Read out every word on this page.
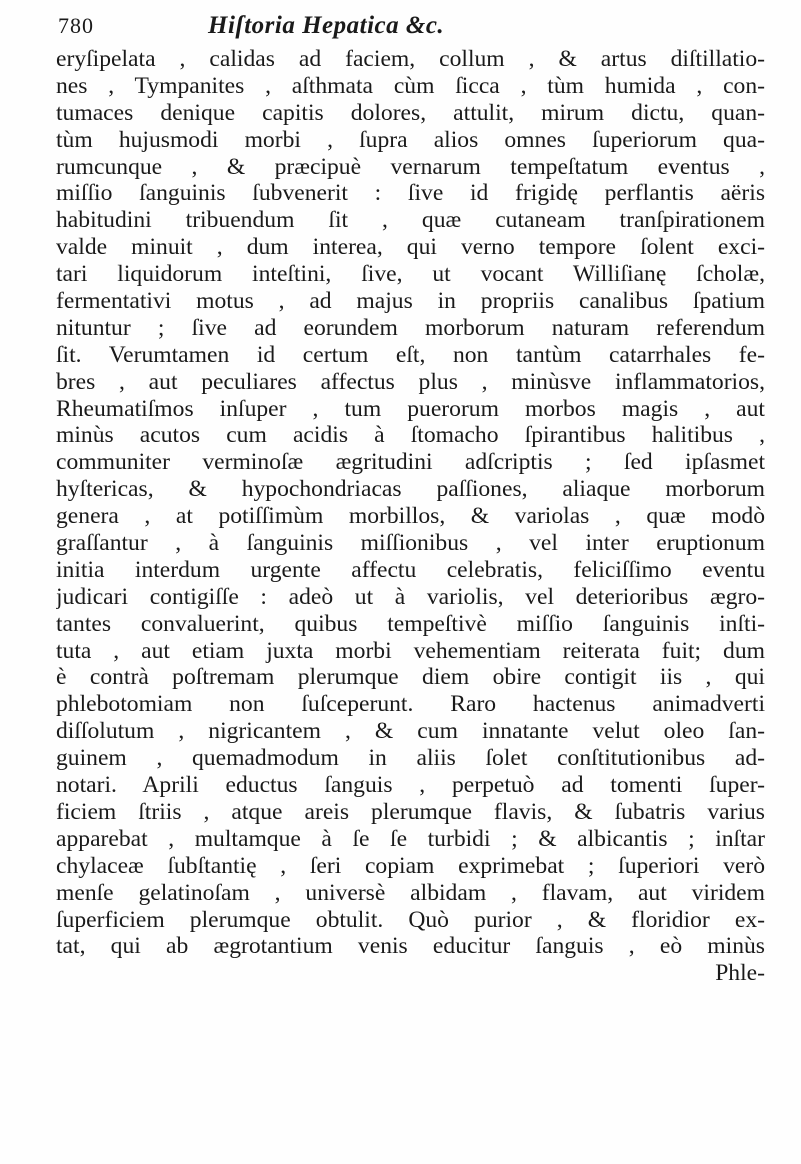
780	Hiſtoria Hepatica &c.
eryſipelata , calidas ad faciem, collum , & artus diſtillatio-
nes , Tympanites , aſthmata cùm ſicca , tùm humida , con-
tumaces denique capitis dolores, attulit, mirum dictu, quan-
tùm hujusmodi morbi , ſupra alios omnes ſuperiorum qua-
rumcunque , & præcipuè vernarum tempeſtatum eventus ,
miſſio ſanguinis ſubvenerit : ſive id frigidę perflantis aëris
habitudini tribuendum ſit , quæ cutaneam tranſpirationem
valde minuit , dum interea, qui verno tempore ſolent exci-
tari liquidorum inteſtini, ſive, ut vocant Williſianę ſcholæ,
fermentativi motus , ad majus in propriis canalibus ſpatium
nituntur ; ſive ad eorundem morborum naturam referendum
ſit. Verumtamen id certum eſt, non tantùm catarrhales fe-
bres , aut peculiares affectus plus , minùsve inflammatorios,
Rheumatiſmos inſuper , tum puerorum morbos magis , aut
minùs acutos cum acidis à ſtomacho ſpirantibus halitibus ,
communiter verminoſæ ægritudini adſcriptis ; ſed ipſasmet
hyſtericas, & hypochondriacas paſſiones, aliaque morborum
genera , at potiſſimùm morbillos, & variolas , quæ modò
graſſantur , à ſanguinis miſſionibus , vel inter eruptionum
initia interdum urgente affectu celebratis, feliciſſimo eventu
judicari contigiſſe : adeò ut à variolis, vel deterioribus ægro-
tantes convaluerint, quibus tempeſtivè miſſio ſanguinis inſti-
tuta , aut etiam juxta morbi vehementiam reiterata fuit; dum
è contrà poſtremam plerumque diem obire contigit iis , qui
phlebotomiam non ſuſceperunt. Raro hactenus animadverti
diſſolutum , nigricantem , & cum innatante velut oleo ſan-
guinem , quemadmodum in aliis ſolet conſtitutionibus ad-
notari. Aprili eductus ſanguis , perpetuò ad tomenti ſuper-
ficiem ſtriis , atque areis plerumque flavis, & ſubatris varius
apparebat , multamque à ſe ſe turbidi ; & albicantis ; inſtar
chylaceæ ſubſtantię , ſeri copiam exprimebat ; ſuperiori verò
menſe gelatinoſam , universè albidam , flavam, aut viridem
ſuperficiem plerumque obtulit. Quò purior , & floridior ex-
tat, qui ab ægrotantium venis educitur ſanguis , eò minùs
Phle-
